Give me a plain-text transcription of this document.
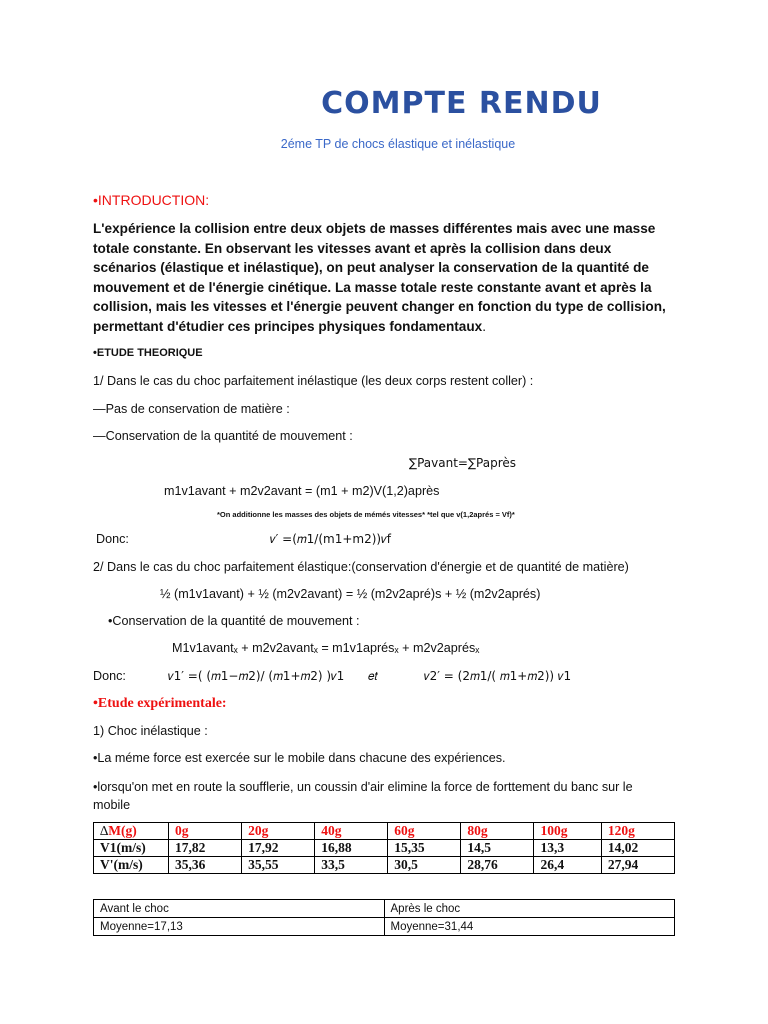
COMPTE RENDU
2éme TP de chocs élastique et inélastique
•INTRODUCTION:
L'expérience la collision entre deux objets de masses différentes mais avec une masse totale constante. En observant les vitesses avant et après la collision dans deux scénarios (élastique et inélastique), on peut analyser la conservation de la quantité de mouvement et de l'énergie cinétique. La masse totale reste constante avant et après la collision, mais les vitesses et l'énergie peuvent changer en fonction du type de collision, permettant d'étudier ces principes physiques fondamentaux.
•ETUDE THEORIQUE
1/ Dans le cas du choc parfaitement inélastique (les deux corps restent coller) :
—Pas de conservation de matière :
—Conservation de la quantité de mouvement :
∑Pavant=∑Paprès
m1v1avant + m2v2avant = (m1 + m2)V(1,2)après
*On additionne les masses des objets de mémés vitesses* *tel que v(1,2aprés = Vf)*
Donc:	𝑣′ =(𝑚1/(m1+m2))𝑣f
2/ Dans le cas du choc parfaitement élastique:(conservation d'énergie et de quantité de matière)
½ (m1v1avant) + ½ (m2v2avant) = ½ (m2v2apré)s + ½ (m2v2aprés)
•Conservation de la quantité de mouvement :
M1v1avantₓ + m2v2avantₓ = m1v1aprésₓ + m2v2aprésₓ
Donc:	𝑣1′ =( (𝑚1−𝑚2)/ (𝑚1+𝑚2) )𝑣1 𝑒𝑡	𝑣2′ = (2𝑚1/( 𝑚1+𝑚2)) 𝑣1
•Etude expérimentale:
1) Choc inélastique :
•La méme force est exercée sur le mobile dans chacune des expériences.
•lorsqu'on met en route la soufflerie, un coussin d'air elimine la force de forttement du banc sur le mobile
∆M(g)	0g	20g	40g	60g	80g	100g	120g
V1(m/s)	17,82	17,92	16,88	15,35	14,5	13,3	14,02
V'(m/s)	35,36	35,55	33,5	30,5	28,76	26,4	27,94
Avant le choc	Après le choc
Moyenne=17,13	Moyenne=31,44
